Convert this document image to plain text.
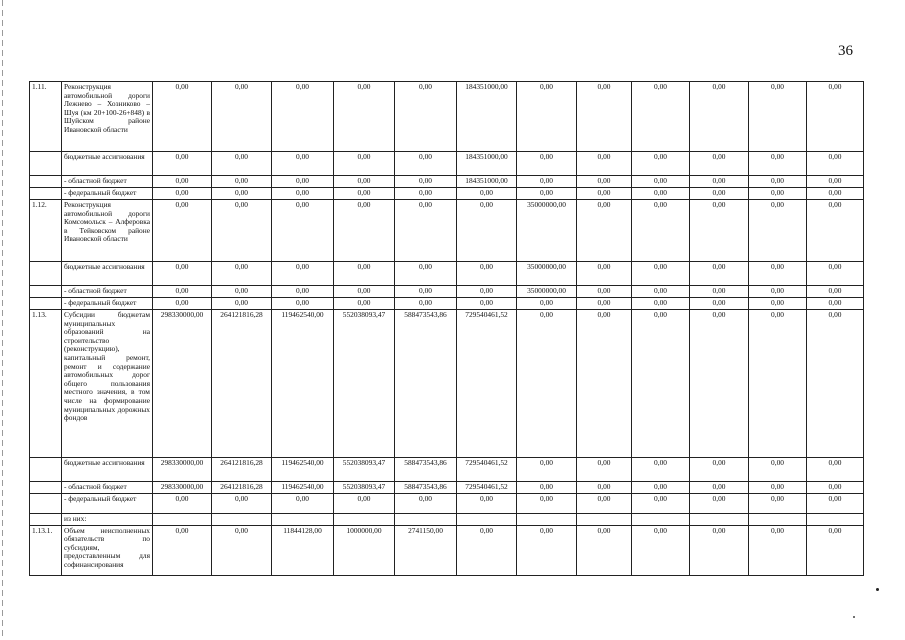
36
1.11.	Реконструкция автомобильной дороги Лежнево – Хозниково – Шуя (км 20+100-26+848) в Шуйском районе Ивановской области	0,00	0,00	0,00	0,00	0,00	184351000,00	0,00	0,00	0,00	0,00	0,00	0,00
	бюджетные ассигнования	0,00	0,00	0,00	0,00	0,00	184351000,00	0,00	0,00	0,00	0,00	0,00	0,00
	- областной бюджет	0,00	0,00	0,00	0,00	0,00	184351000,00	0,00	0,00	0,00	0,00	0,00	0,00
	- федеральный бюджет	0,00	0,00	0,00	0,00	0,00	0,00	0,00	0,00	0,00	0,00	0,00	0,00
1.12.	Реконструкция автомобильной дороги Комсомольск – Алферовка в Тейковском районе Ивановской области	0,00	0,00	0,00	0,00	0,00	0,00	35000000,00	0,00	0,00	0,00	0,00	0,00
	бюджетные ассигнования	0,00	0,00	0,00	0,00	0,00	0,00	35000000,00	0,00	0,00	0,00	0,00	0,00
	- областной бюджет	0,00	0,00	0,00	0,00	0,00	0,00	35000000,00	0,00	0,00	0,00	0,00	0,00
	- федеральный бюджет	0,00	0,00	0,00	0,00	0,00	0,00	0,00	0,00	0,00	0,00	0,00	0,00
1.13.	Субсидии бюджетам муниципальных образований на строительство (реконструкцию), капитальный ремонт, ремонт и содержание автомобильных дорог общего пользования местного значения, в том числе на формирование муниципальных дорожных фондов	298330000,00	264121816,28	119462540,00	552038093,47	588473543,86	729540461,52	0,00	0,00	0,00	0,00	0,00	0,00
	бюджетные ассигнования	298330000,00	264121816,28	119462540,00	552038093,47	588473543,86	729540461,52	0,00	0,00	0,00	0,00	0,00	0,00
	- областной бюджет	298330000,00	264121816,28	119462540,00	552038093,47	588473543,86	729540461,52	0,00	0,00	0,00	0,00	0,00	0,00
	- федеральный бюджет	0,00	0,00	0,00	0,00	0,00	0,00	0,00	0,00	0,00	0,00	0,00	0,00
	из них:												
1.13.1.	Объем неисполненных обязательств по субсидиям, предоставленным для софинансирования	0,00	0,00	11844128,00	1000000,00	2741150,00	0,00	0,00	0,00	0,00	0,00	0,00	0,00
